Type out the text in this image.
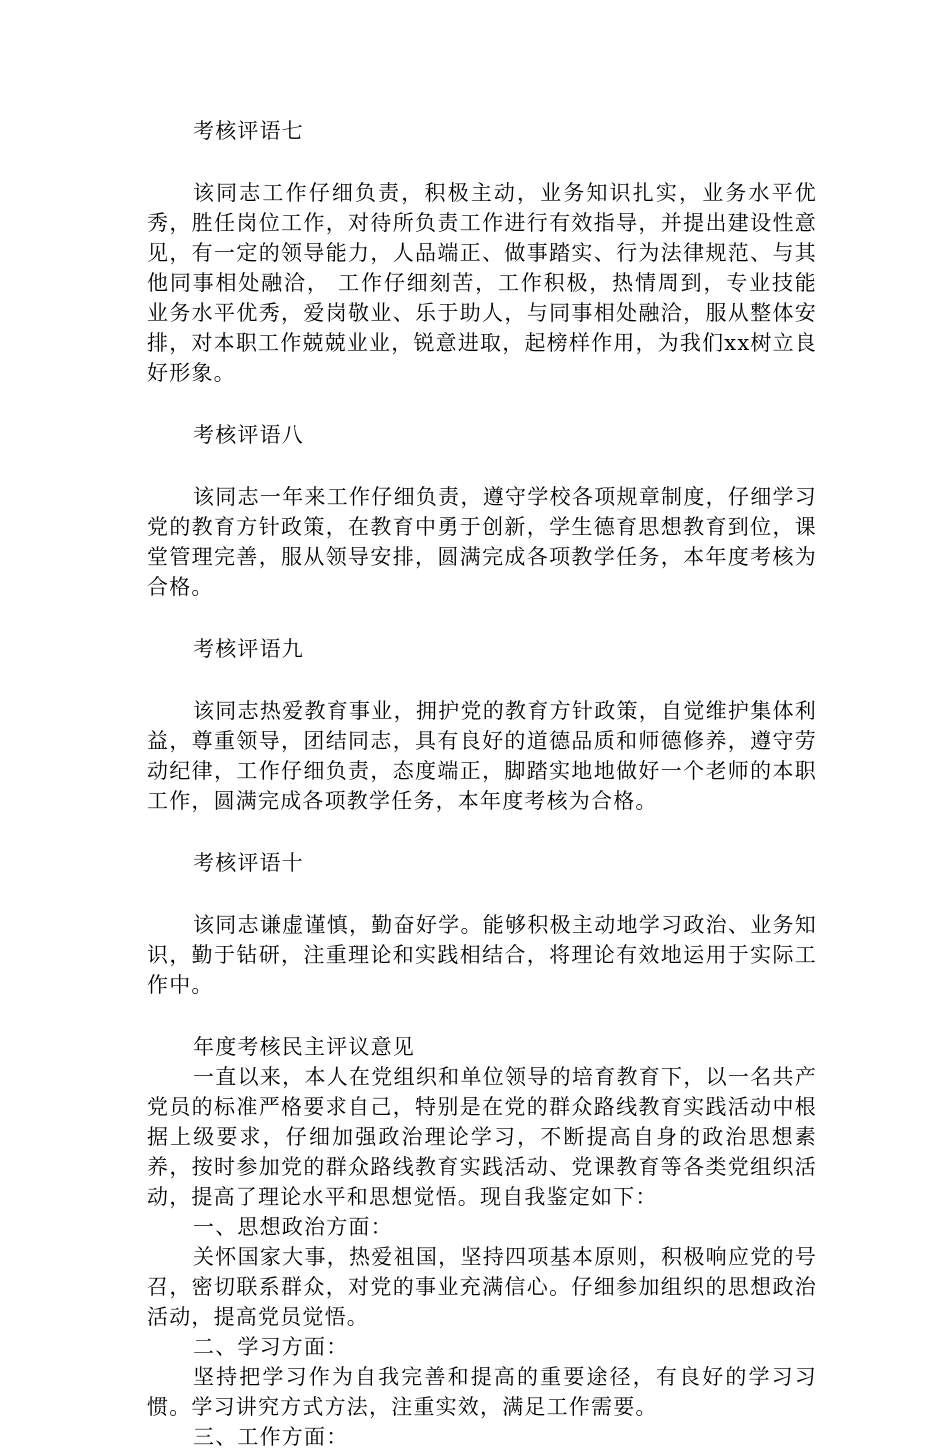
考核评语七

该同志工作仔细负责，积极主动，业务知识扎实，业务水平优秀，胜任岗位工作，对待所负责工作进行有效指导，并提出建设性意见，有一定的领导能力，人品端正、做事踏实、行为法律规范、与其他同事相处融洽， 工作仔细刻苦，工作积极，热情周到，专业技能业务水平优秀，爱岗敬业、乐于助人，与同事相处融洽，服从整体安排，对本职工作兢兢业业，锐意进取，起榜样作用，为我们xx树立良好形象。

考核评语八

该同志一年来工作仔细负责，遵守学校各项规章制度，仔细学习党的教育方针政策，在教育中勇于创新，学生德育思想教育到位，课堂管理完善，服从领导安排，圆满完成各项教学任务，本年度考核为合格。

考核评语九

该同志热爱教育事业，拥护党的教育方针政策，自觉维护集体利益，尊重领导，团结同志，具有良好的道德品质和师德修养，遵守劳动纪律，工作仔细负责，态度端正，脚踏实地地做好一个老师的本职工作，圆满完成各项教学任务，本年度考核为合格。

考核评语十

该同志谦虚谨慎，勤奋好学。能够积极主动地学习政治、业务知识，勤于钻研，注重理论和实践相结合，将理论有效地运用于实际工作中。

年度考核民主评议意见

一直以来，本人在党组织和单位领导的培育教育下，以一名共产党员的标准严格要求自己，特别是在党的群众路线教育实践活动中根据上级要求，仔细加强政治理论学习，不断提高自身的政治思想素养，按时参加党的群众路线教育实践活动、党课教育等各类党组织活动，提高了理论水平和思想觉悟。现自我鉴定如下：

一、思想政治方面：

关怀国家大事，热爱祖国，坚持四项基本原则，积极响应党的号召，密切联系群众，对党的事业充满信心。仔细参加组织的思想政治活动，提高党员觉悟。

二、学习方面：

坚持把学习作为自我完善和提高的重要途径，有良好的学习习惯。学习讲究方式方法，注重实效，满足工作需要。

三、工作方面：
